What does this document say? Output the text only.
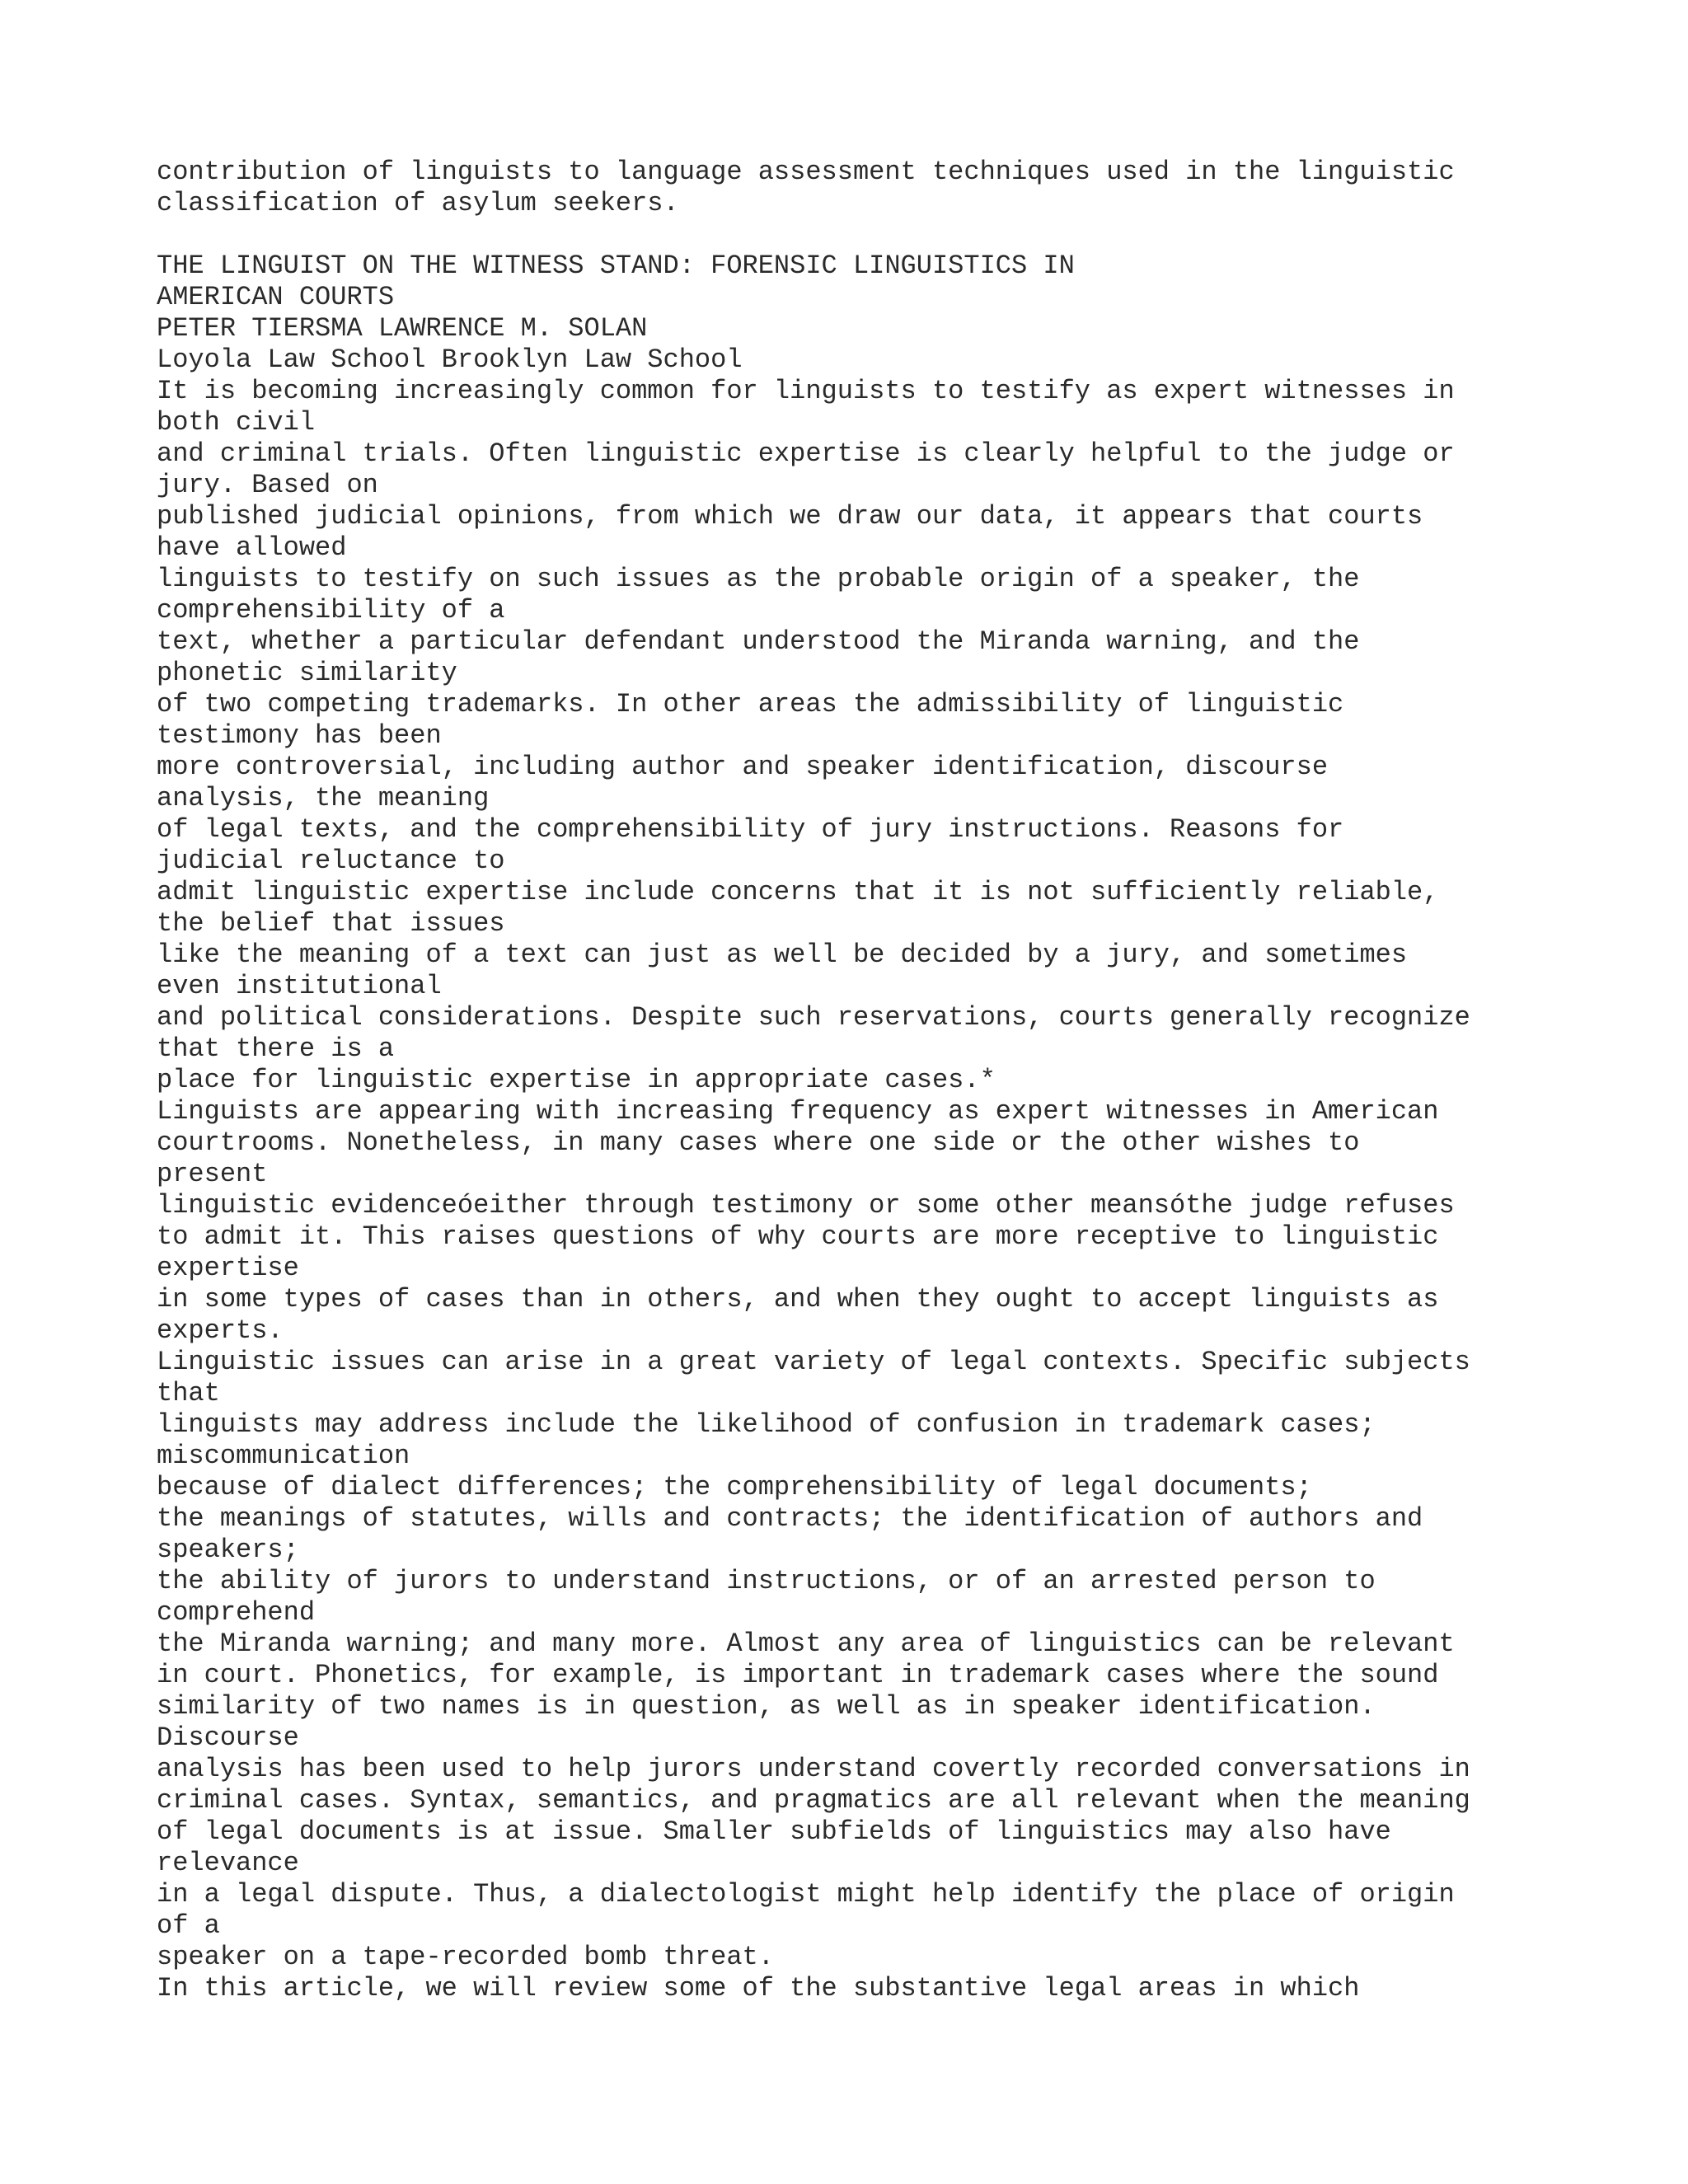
contribution of linguists to language assessment techniques used in the linguistic
classification of asylum seekers.
THE LINGUIST ON THE WITNESS STAND: FORENSIC LINGUISTICS IN
AMERICAN COURTS
PETER TIERSMA LAWRENCE M. SOLAN
Loyola Law School Brooklyn Law School
It is becoming increasingly common for linguists to testify as expert witnesses in
both civil
and criminal trials. Often linguistic expertise is clearly helpful to the judge or
jury. Based on
published judicial opinions, from which we draw our data, it appears that courts
have allowed
linguists to testify on such issues as the probable origin of a speaker, the
comprehensibility of a
text, whether a particular defendant understood the Miranda warning, and the
phonetic similarity
of two competing trademarks. In other areas the admissibility of linguistic
testimony has been
more controversial, including author and speaker identification, discourse
analysis, the meaning
of legal texts, and the comprehensibility of jury instructions. Reasons for
judicial reluctance to
admit linguistic expertise include concerns that it is not sufficiently reliable,
the belief that issues
like the meaning of a text can just as well be decided by a jury, and sometimes
even institutional
and political considerations. Despite such reservations, courts generally recognize
that there is a
place for linguistic expertise in appropriate cases.*
Linguists are appearing with increasing frequency as expert witnesses in American
courtrooms. Nonetheless, in many cases where one side or the other wishes to
present
linguistic evidenceóeither through testimony or some other meansóthe judge refuses
to admit it. This raises questions of why courts are more receptive to linguistic
expertise
in some types of cases than in others, and when they ought to accept linguists as
experts.
Linguistic issues can arise in a great variety of legal contexts. Specific subjects
that
linguists may address include the likelihood of confusion in trademark cases;
miscommunication
because of dialect differences; the comprehensibility of legal documents;
the meanings of statutes, wills and contracts; the identification of authors and
speakers;
the ability of jurors to understand instructions, or of an arrested person to
comprehend
the Miranda warning; and many more. Almost any area of linguistics can be relevant
in court. Phonetics, for example, is important in trademark cases where the sound
similarity of two names is in question, as well as in speaker identification.
Discourse
analysis has been used to help jurors understand covertly recorded conversations in
criminal cases. Syntax, semantics, and pragmatics are all relevant when the meaning
of legal documents is at issue. Smaller subfields of linguistics may also have
relevance
in a legal dispute. Thus, a dialectologist might help identify the place of origin
of a
speaker on a tape-recorded bomb threat.
In this article, we will review some of the substantive legal areas in which
